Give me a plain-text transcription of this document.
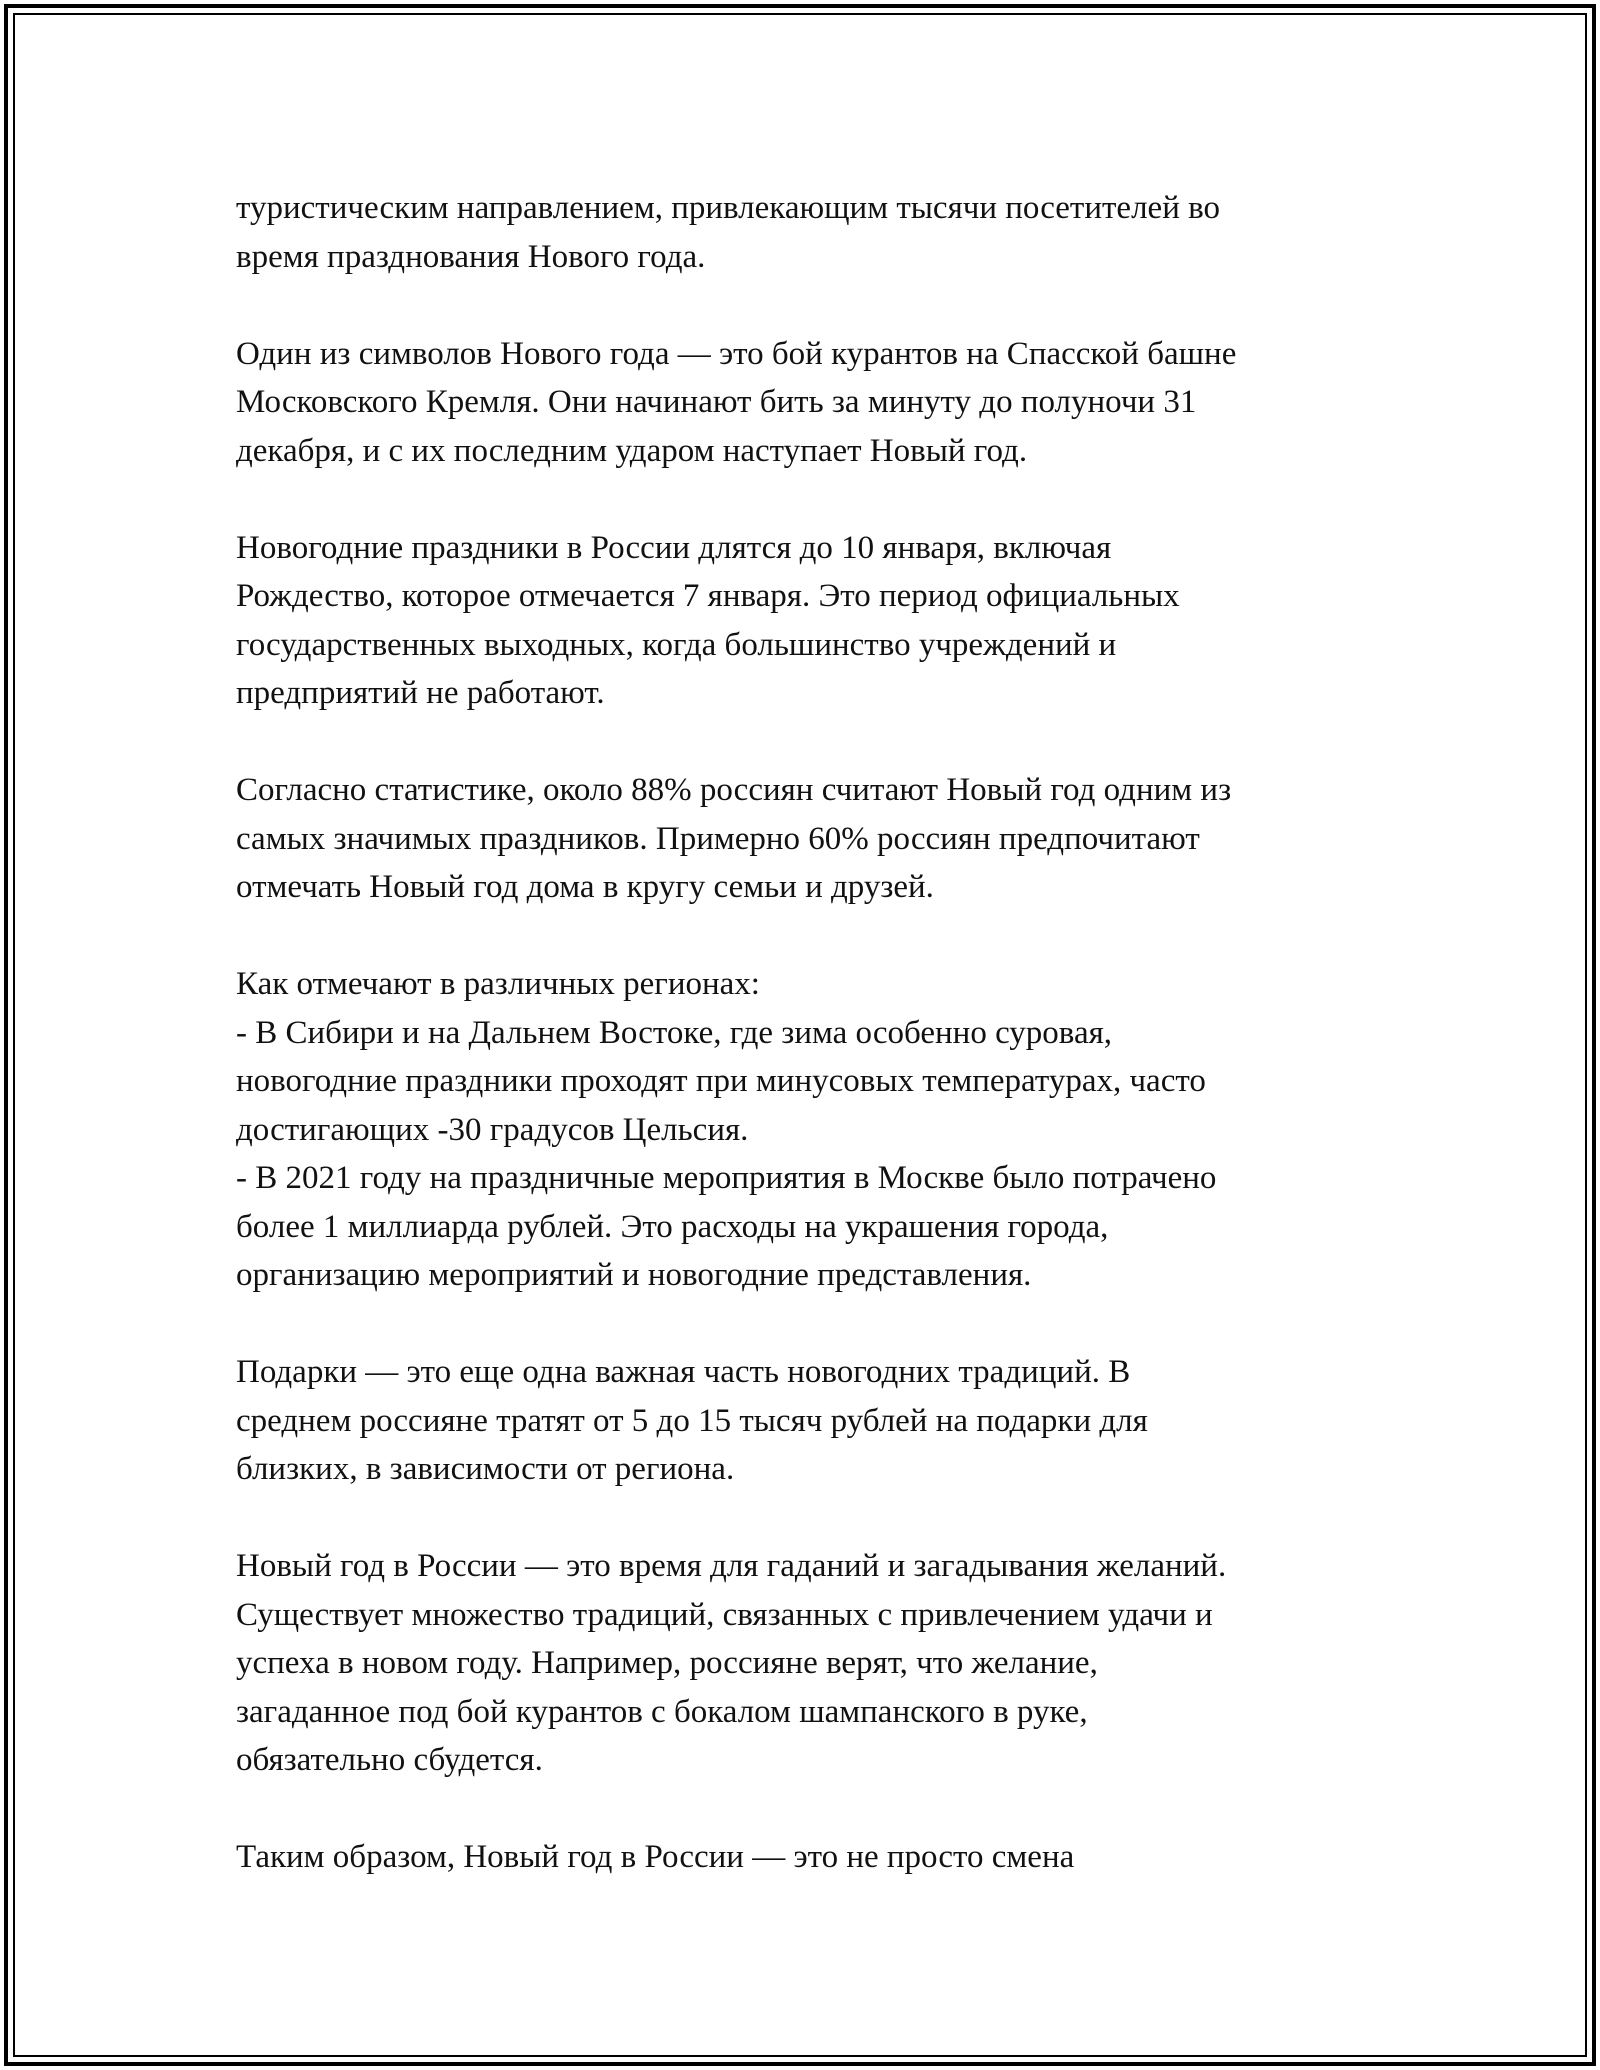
туристическим направлением, привлекающим тысячи посетителей во
время празднования Нового года.

Один из символов Нового года — это бой курантов на Спасской башне
Московского Кремля. Они начинают бить за минуту до полуночи 31
декабря, и с их последним ударом наступает Новый год.

Новогодние праздники в России длятся до 10 января, включая
Рождество, которое отмечается 7 января. Это период официальных
государственных выходных, когда большинство учреждений и
предприятий не работают.

Согласно статистике, около 88% россиян считают Новый год одним из
самых значимых праздников. Примерно 60% россиян предпочитают
отмечать Новый год дома в кругу семьи и друзей.

Как отмечают в различных регионах:
- В Сибири и на Дальнем Востоке, где зима особенно суровая,
новогодние праздники проходят при минусовых температурах, часто
достигающих -30 градусов Цельсия.
- В 2021 году на праздничные мероприятия в Москве было потрачено
более 1 миллиарда рублей. Это расходы на украшения города,
организацию мероприятий и новогодние представления.

Подарки — это еще одна важная часть новогодних традиций. В
среднем россияне тратят от 5 до 15 тысяч рублей на подарки для
близких, в зависимости от региона.

Новый год в России — это время для гаданий и загадывания желаний.
Существует множество традиций, связанных с привлечением удачи и
успеха в новом году. Например, россияне верят, что желание,
загаданное под бой курантов с бокалом шампанского в руке,
обязательно сбудется.

Таким образом, Новый год в России — это не просто смена
